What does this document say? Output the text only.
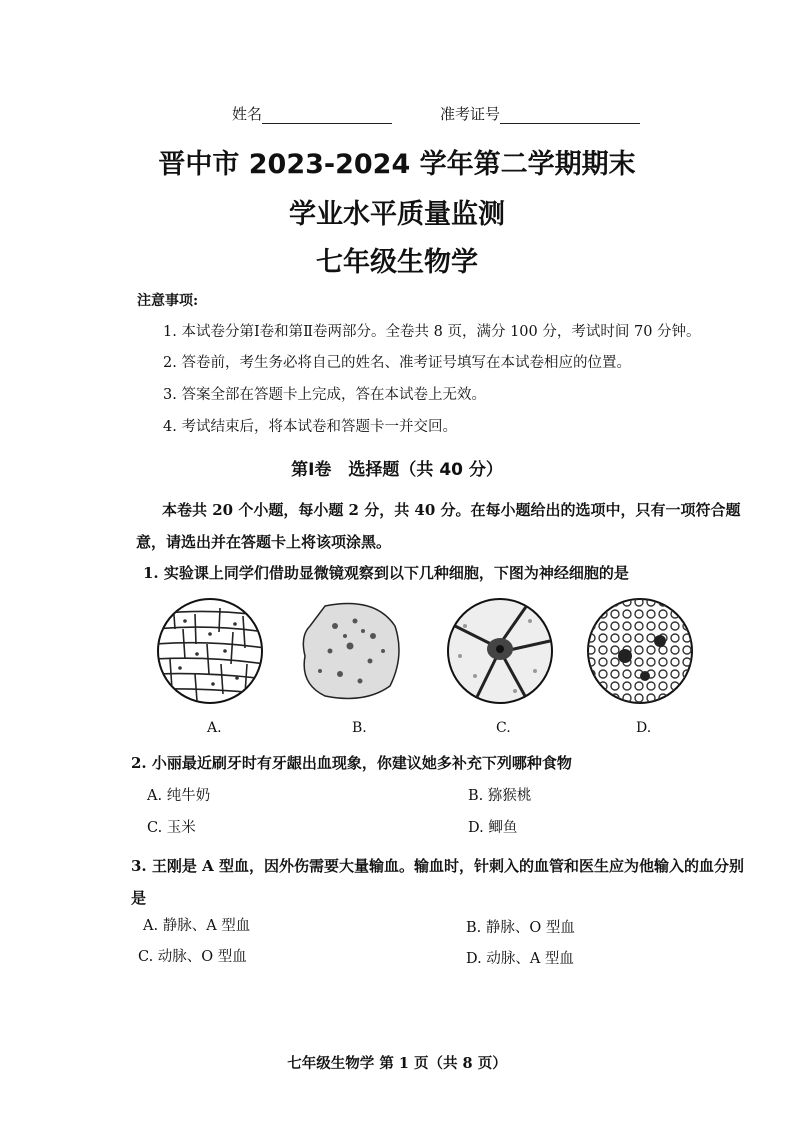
姓名	准考证号
晋中市 2023-2024 学年第二学期期末
学业水平质量监测
七年级生物学
注意事项:
1. 本试卷分第Ⅰ卷和第Ⅱ卷两部分。全卷共 8 页，满分 100 分，考试时间 70 分钟。
2. 答卷前，考生务必将自己的姓名、准考证号填写在本试卷相应的位置。
3. 答案全部在答题卡上完成，答在本试卷上无效。
4. 考试结束后，将本试卷和答题卡一并交回。
第Ⅰ卷　选择题（共 40 分）
本卷共 20 个小题，每小题 2 分，共 40 分。在每小题给出的选项中，只有一项符合题意，请选出并在答题卡上将该项涂黑。
1. 实验课上同学们借助显微镜观察到以下几种细胞，下图为神经细胞的是
A.	B.	C.	D.
2. 小丽最近刷牙时有牙龈出血现象，你建议她多补充下列哪种食物
A. 纯牛奶	B. 猕猴桃
C. 玉米	D. 鲫鱼
3. 王刚是 A 型血，因外伤需要大量输血。输血时，针刺入的血管和医生应为他输入的血分别是
A. 静脉、A 型血	B. 静脉、O 型血
C. 动脉、O 型血	D. 动脉、A 型血
七年级生物学 第 1 页（共 8 页）
